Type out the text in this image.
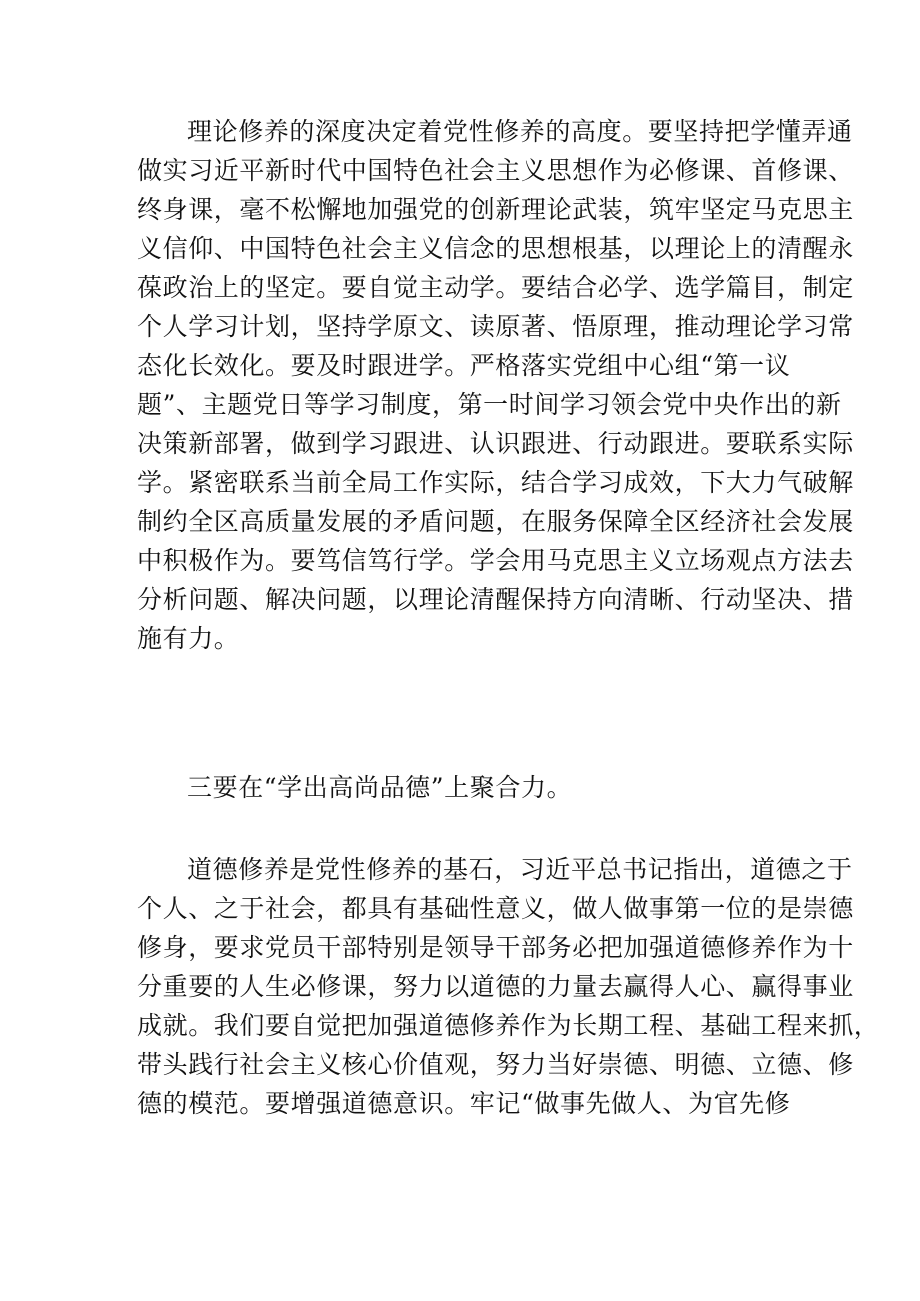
理论修养的深度决定着党性修养的高度。要坚持把学懂弄通
做实习近平新时代中国特色社会主义思想作为必修课、首修课、
终身课，毫不松懈地加强党的创新理论武装，筑牢坚定马克思主
义信仰、中国特色社会主义信念的思想根基，以理论上的清醒永
葆政治上的坚定。要自觉主动学。要结合必学、选学篇目，制定
个人学习计划，坚持学原文、读原著、悟原理，推动理论学习常
态化长效化。要及时跟进学。严格落实党组中心组“第一议
题”、主题党日等学习制度，第一时间学习领会党中央作出的新
决策新部署，做到学习跟进、认识跟进、行动跟进。要联系实际
学。紧密联系当前全局工作实际，结合学习成效，下大力气破解
制约全区高质量发展的矛盾问题，在服务保障全区经济社会发展
中积极作为。要笃信笃行学。学会用马克思主义立场观点方法去
分析问题、解决问题，以理论清醒保持方向清晰、行动坚决、措
施有力。
三要在“学出高尚品德”上聚合力。
道德修养是党性修养的基石，习近平总书记指出，道德之于
个人、之于社会，都具有基础性意义，做人做事第一位的是崇德
修身，要求党员干部特别是领导干部务必把加强道德修养作为十
分重要的人生必修课，努力以道德的力量去赢得人心、赢得事业
成就。我们要自觉把加强道德修养作为长期工程、基础工程来抓，
带头践行社会主义核心价值观，努力当好崇德、明德、立德、修
德的模范。要增强道德意识。牢记“做事先做人、为官先修
